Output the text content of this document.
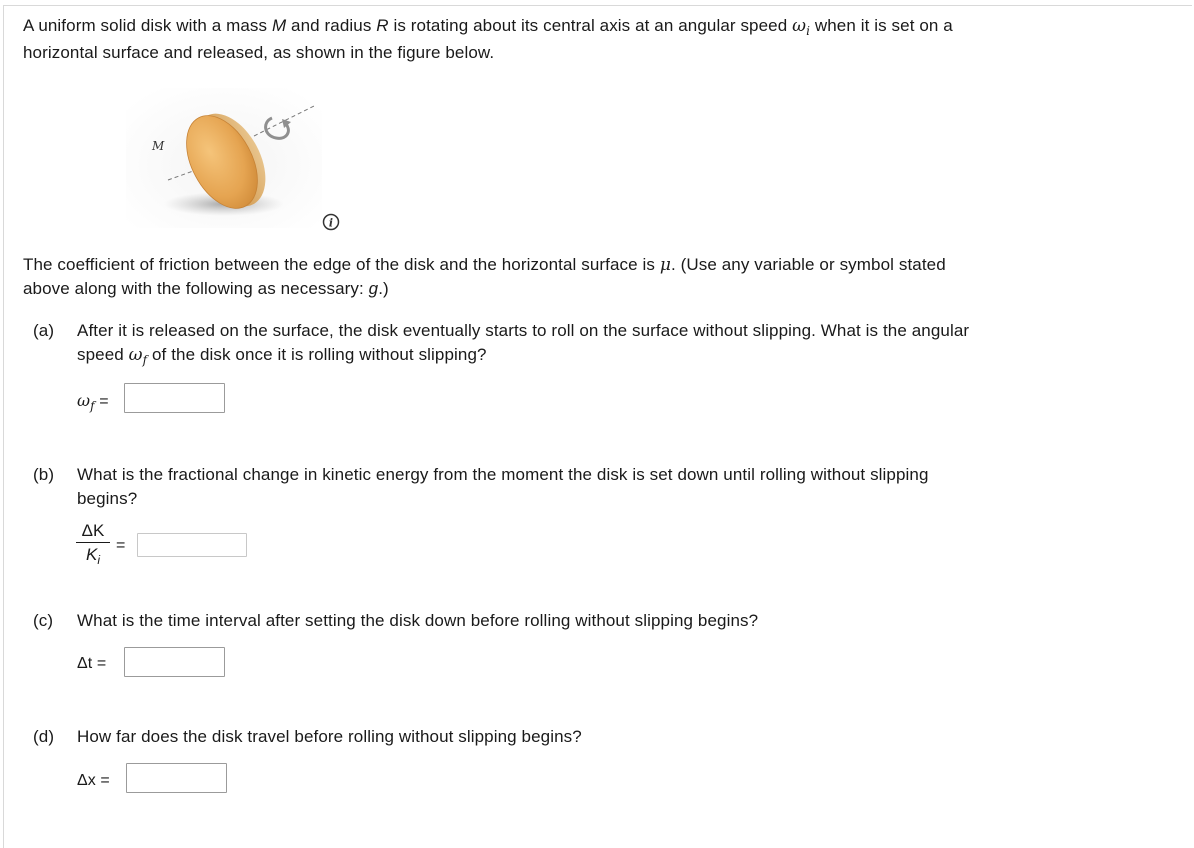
A uniform solid disk with a mass M and radius R is rotating about its central axis at an angular speed $\omega_i$ when it is set on a
horizontal surface and released, as shown in the figure below.
M
i
The coefficient of friction between the edge of the disk and the horizontal surface is μ. (Use any variable or symbol stated
above along with the following as necessary: g.)
(a) After it is released on the surface, the disk eventually starts to roll on the surface without slipping. What is the angular
speed $\omega_f$ of the disk once it is rolling without slipping?
$\omega_f$ =
(b) What is the fractional change in kinetic energy from the moment the disk is set down until rolling without slipping
begins?
ΔK
$K_i$
=
(c) What is the time interval after setting the disk down before rolling without slipping begins?
Δt =
(d) How far does the disk travel before rolling without slipping begins?
Δx =
